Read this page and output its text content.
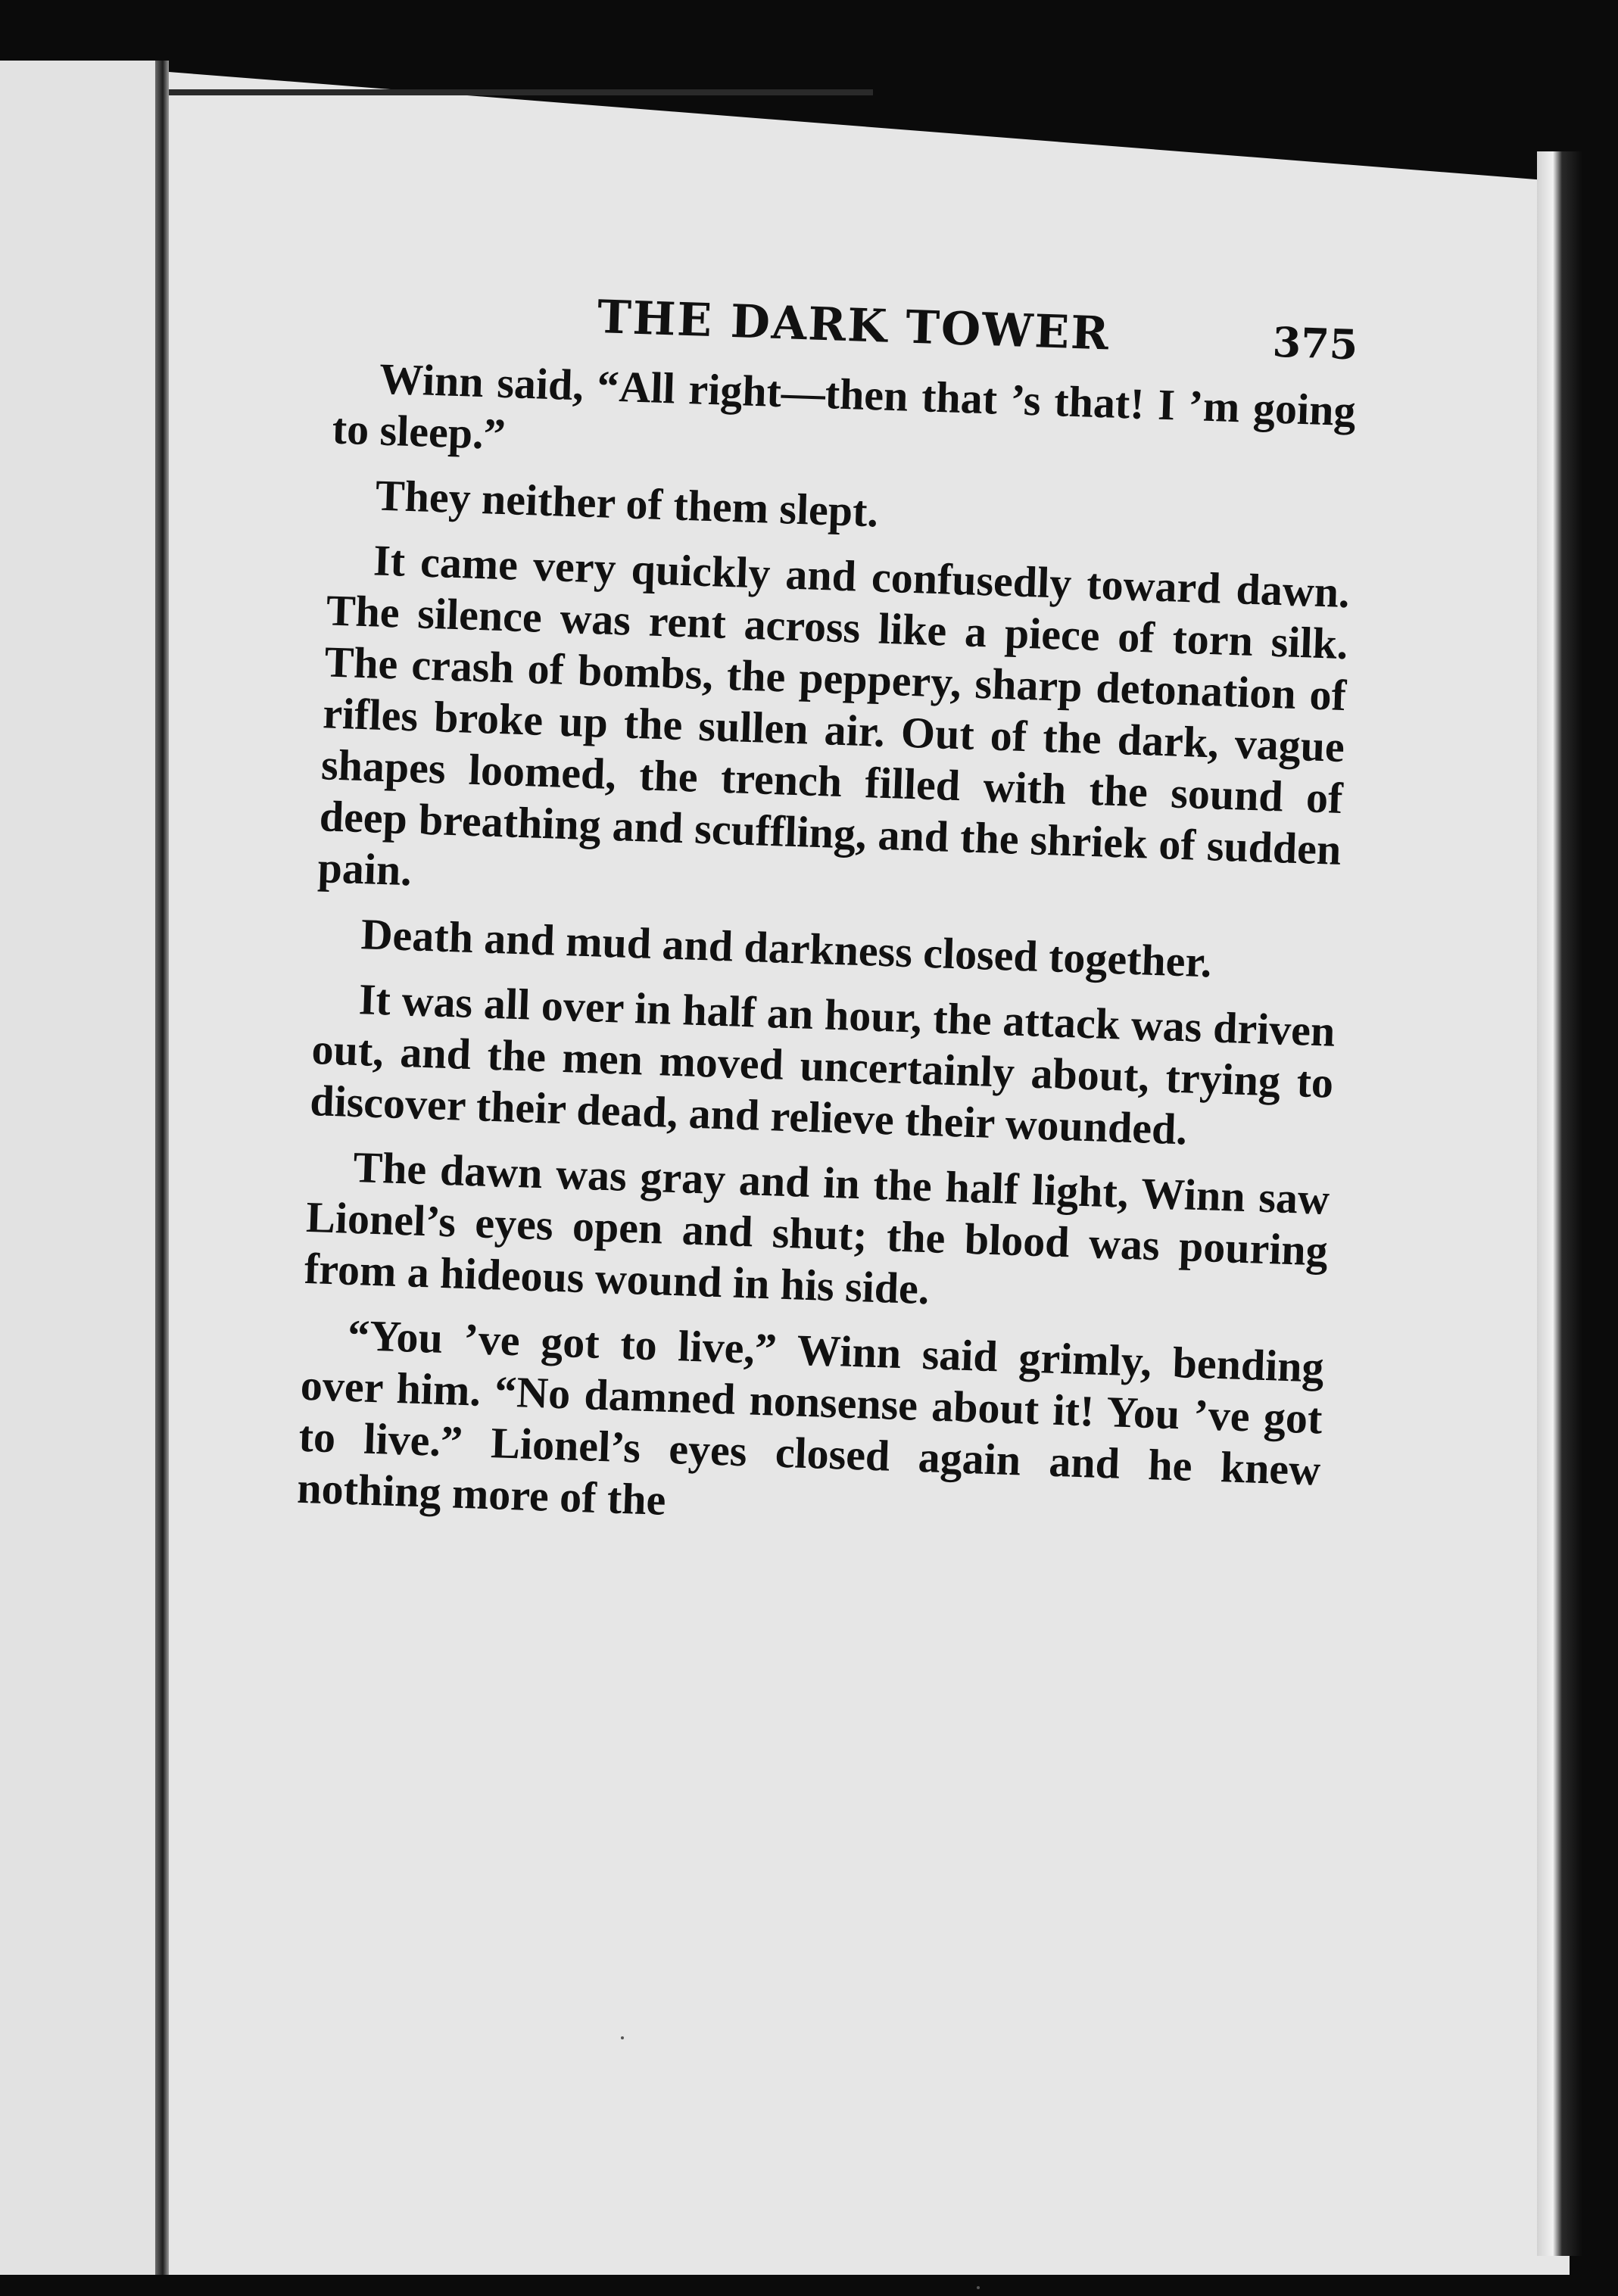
THE DARK TOWER	375

Winn said, “All right—then that ’s that! I ’m going to sleep.”

They neither of them slept.

It came very quickly and confusedly toward dawn. The silence was rent across like a piece of torn silk. The crash of bombs, the peppery, sharp detonation of rifles broke up the sullen air. Out of the dark, vague shapes loomed, the trench filled with the sound of deep breathing and scuffling, and the shriek of sudden pain.

Death and mud and darkness closed together.

It was all over in half an hour, the attack was driven out, and the men moved uncertainly about, trying to discover their dead, and relieve their wounded.

The dawn was gray and in the half light, Winn saw Lionel’s eyes open and shut; the blood was pouring from a hideous wound in his side.

“You ’ve got to live,” Winn said grimly, bending over him. “No damned nonsense about it! You ’ve got to live.” Lionel’s eyes closed again and he knew nothing more of the
